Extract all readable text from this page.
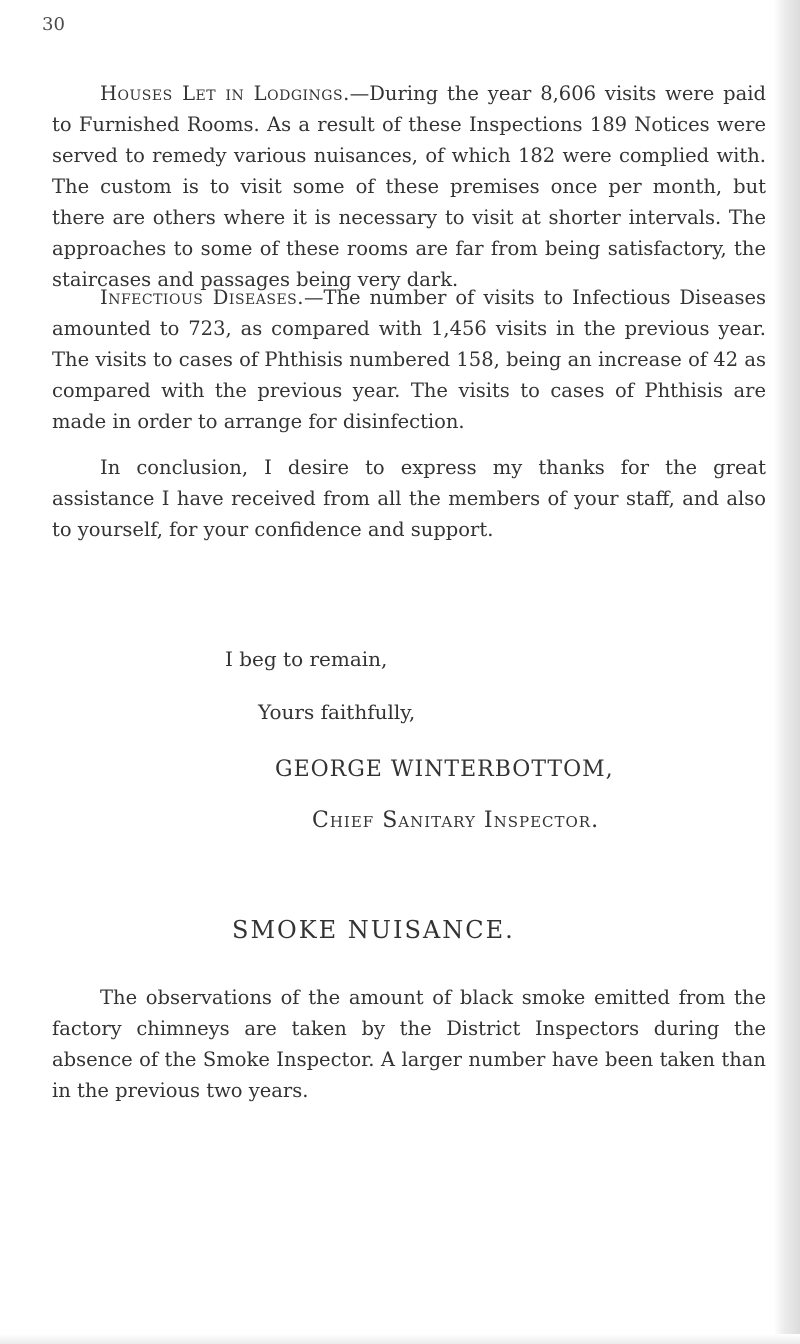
30
Houses Let in Lodgings.—During the year 8,606 visits were paid to Furnished Rooms. As a result of these Inspections 189 Notices were served to remedy various nuisances, of which 182 were complied with. The custom is to visit some of these premises once per month, but there are others where it is necessary to visit at shorter intervals. The approaches to some of these rooms are far from being satisfactory, the staircases and passages being very dark.
Infectious Diseases.—The number of visits to Infectious Diseases amounted to 723, as compared with 1,456 visits in the previous year. The visits to cases of Phthisis numbered 158, being an increase of 42 as compared with the previous year. The visits to cases of Phthisis are made in order to arrange for disinfection.
In conclusion, I desire to express my thanks for the great assistance I have received from all the members of your staff, and also to yourself, for your confidence and support.
I beg to remain,
Yours faithfully,
GEORGE WINTERBOTTOM,
Chief Sanitary Inspector.
SMOKE NUISANCE.
The observations of the amount of black smoke emitted from the factory chimneys are taken by the District Inspectors during the absence of the Smoke Inspector. A larger number have been taken than in the previous two years.
